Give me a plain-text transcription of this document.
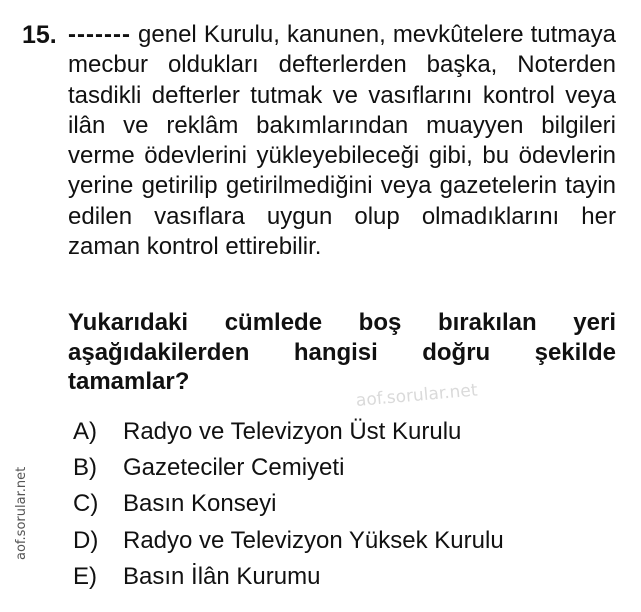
15. ------- genel Kurulu, kanunen, mevkûtelere tutmaya mecbur oldukları defterlerden başka, Noterden tasdikli defterler tutmak ve vasıflarını kontrol veya ilân ve reklâm bakımlarından muayyen bilgileri verme ödevlerini yükleyebileceği gibi, bu ödevlerin yerine getirilip getirilmediğini veya gazetelerin tayin edilen vasıflara uygun olup olmadıklarını her zaman kontrol ettirebilir.

Yukarıdaki cümlede boş bırakılan yeri aşağıdakilerden hangisi doğru şekilde tamamlar?	aof.sorular.net
A) Radyo ve Televizyon Üst Kurulu
B) Gazeteciler Cemiyeti
C) Basın Konseyi
D) Radyo ve Televizyon Yüksek Kurulu
E) Basın İlân Kurumu
aof.sorular.net
